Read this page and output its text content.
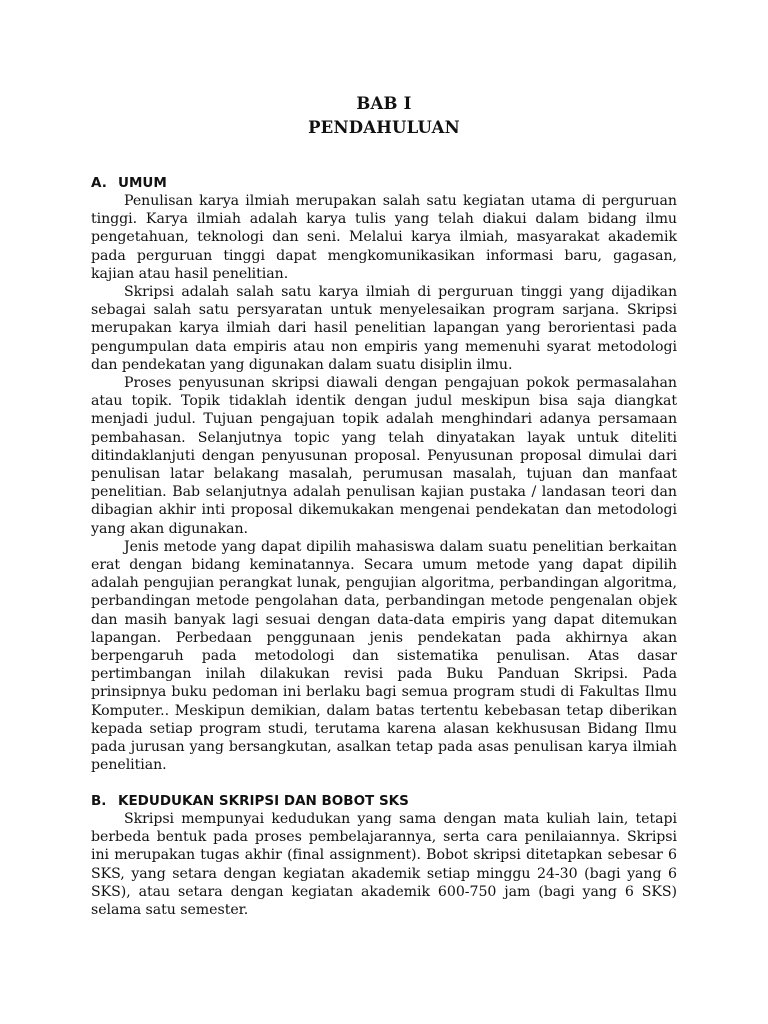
BAB I
PENDAHULUAN
A. UMUM

Penulisan karya ilmiah merupakan salah satu kegiatan utama di perguruan tinggi. Karya ilmiah adalah karya tulis yang telah diakui dalam bidang ilmu pengetahuan, teknologi dan seni. Melalui karya ilmiah, masyarakat akademik pada perguruan tinggi dapat mengkomunikasikan informasi baru, gagasan, kajian atau hasil penelitian.

Skripsi adalah salah satu karya ilmiah di perguruan tinggi yang dijadikan sebagai salah satu persyaratan untuk menyelesaikan program sarjana. Skripsi merupakan karya ilmiah dari hasil penelitian lapangan yang berorientasi pada pengumpulan data empiris atau non empiris yang memenuhi syarat metodologi dan pendekatan yang digunakan dalam suatu disiplin ilmu.

Proses penyusunan skripsi diawali dengan pengajuan pokok permasalahan atau topik. Topik tidaklah identik dengan judul meskipun bisa saja diangkat menjadi judul. Tujuan pengajuan topik adalah menghindari adanya persamaan pembahasan. Selanjutnya topic yang telah dinyatakan layak untuk diteliti ditindaklanjuti dengan penyusunan proposal. Penyusunan proposal dimulai dari penulisan latar belakang masalah, perumusan masalah, tujuan dan manfaat penelitian. Bab selanjutnya adalah penulisan kajian pustaka / landasan teori dan dibagian akhir inti proposal dikemukakan mengenai pendekatan dan metodologi yang akan digunakan.

Jenis metode yang dapat dipilih mahasiswa dalam suatu penelitian berkaitan erat dengan bidang keminatannya. Secara umum metode yang dapat dipilih adalah pengujian perangkat lunak, pengujian algoritma, perbandingan algoritma, perbandingan metode pengolahan data, perbandingan metode pengenalan objek dan masih banyak lagi sesuai dengan data-data empiris yang dapat ditemukan lapangan. Perbedaan penggunaan jenis pendekatan pada akhirnya akan berpengaruh pada metodologi dan sistematika penulisan. Atas dasar pertimbangan inilah dilakukan revisi pada Buku Panduan Skripsi. Pada prinsipnya buku pedoman ini berlaku bagi semua program studi di Fakultas Ilmu Komputer.. Meskipun demikian, dalam batas tertentu kebebasan tetap diberikan kepada setiap program studi, terutama karena alasan kekhususan Bidang Ilmu pada jurusan yang bersangkutan, asalkan tetap pada asas penulisan karya ilmiah penelitian.

B. KEDUDUKAN SKRIPSI DAN BOBOT SKS

Skripsi mempunyai kedudukan yang sama dengan mata kuliah lain, tetapi berbeda bentuk pada proses pembelajarannya, serta cara penilaiannya. Skripsi ini merupakan tugas akhir (final assignment). Bobot skripsi ditetapkan sebesar 6 SKS, yang setara dengan kegiatan akademik setiap minggu 24-30 (bagi yang 6 SKS), atau setara dengan kegiatan akademik 600-750 jam (bagi yang 6 SKS) selama satu semester.
